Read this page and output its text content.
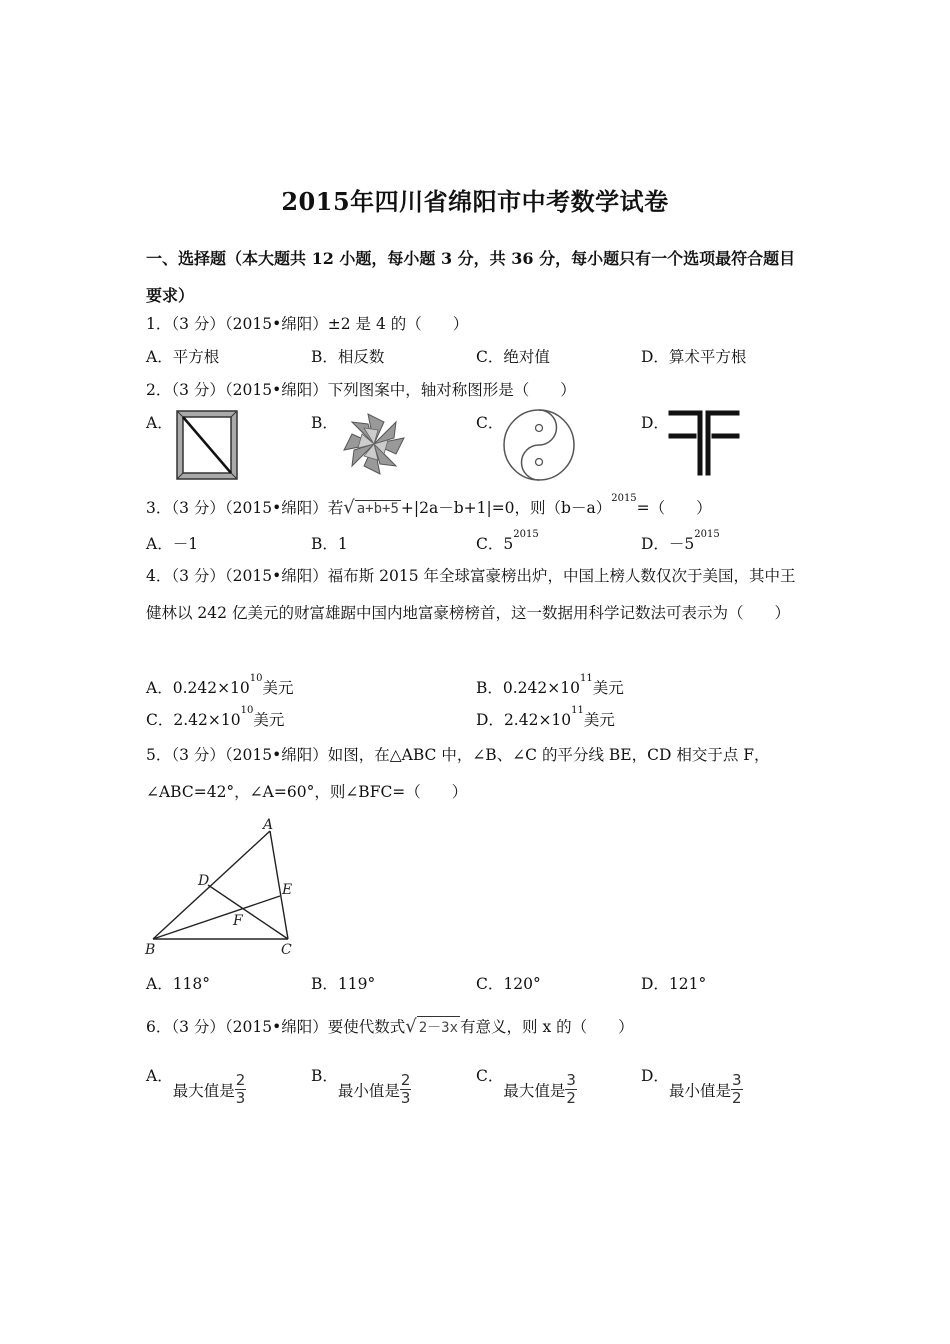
2015年四川省绵阳市中考数学试卷
一、选择题（本大题共 12 小题，每小题 3 分，共 36 分，每小题只有一个选项最符合题目要求）
1．（3 分）（2015•绵阳）±2 是 4 的（　　）
A．平方根	B．相反数	C．绝对值	D．算术平方根
2．（3 分）（2015•绵阳）下列图案中，轴对称图形是（　　）
A．	B．	C．	D．
3．（3 分）（2015•绵阳）若√ a+b+5 +|2a－b+1|=0，则$(b-a)^{2015}=$（　　）
A．－1	B．1	C．$5^{2015}$
D．$-5^{2015}$
4．（3 分）（2015•绵阳）福布斯 2015 年全球富豪榜出炉，中国上榜人数仅次于美国，其中王健林以 242 亿美元的财富雄踞中国内地富豪榜榜首，这一数据用科学记数法可表示为（　　）
A．$0.242\times 10^{10}$美元	B．$0.242\times 10^{11}$美元
C．$2.42\times 10^{10}$美元	D．$2.42\times 10^{11}$美元
5．（3 分）（2015•绵阳）如图，在△ABC 中，∠B、∠C 的平分线 BE，CD 相交于点 F，
∠ABC=42°，∠A=60°，则∠BFC=（　　）
A
D
E
F
B	C
A．118°	B．119°	C．120°	D．121°
6．（3 分）（2015•绵阳）要使代数式√ 2－3x 有意义，则 x 的（　　）
A．最大值是 $\frac{2}{3}$	B．最小值是 $\frac{2}{3}$	C．最大值是 $\frac{3}{2}$	D．最小值是 $\frac{3}{2}$
